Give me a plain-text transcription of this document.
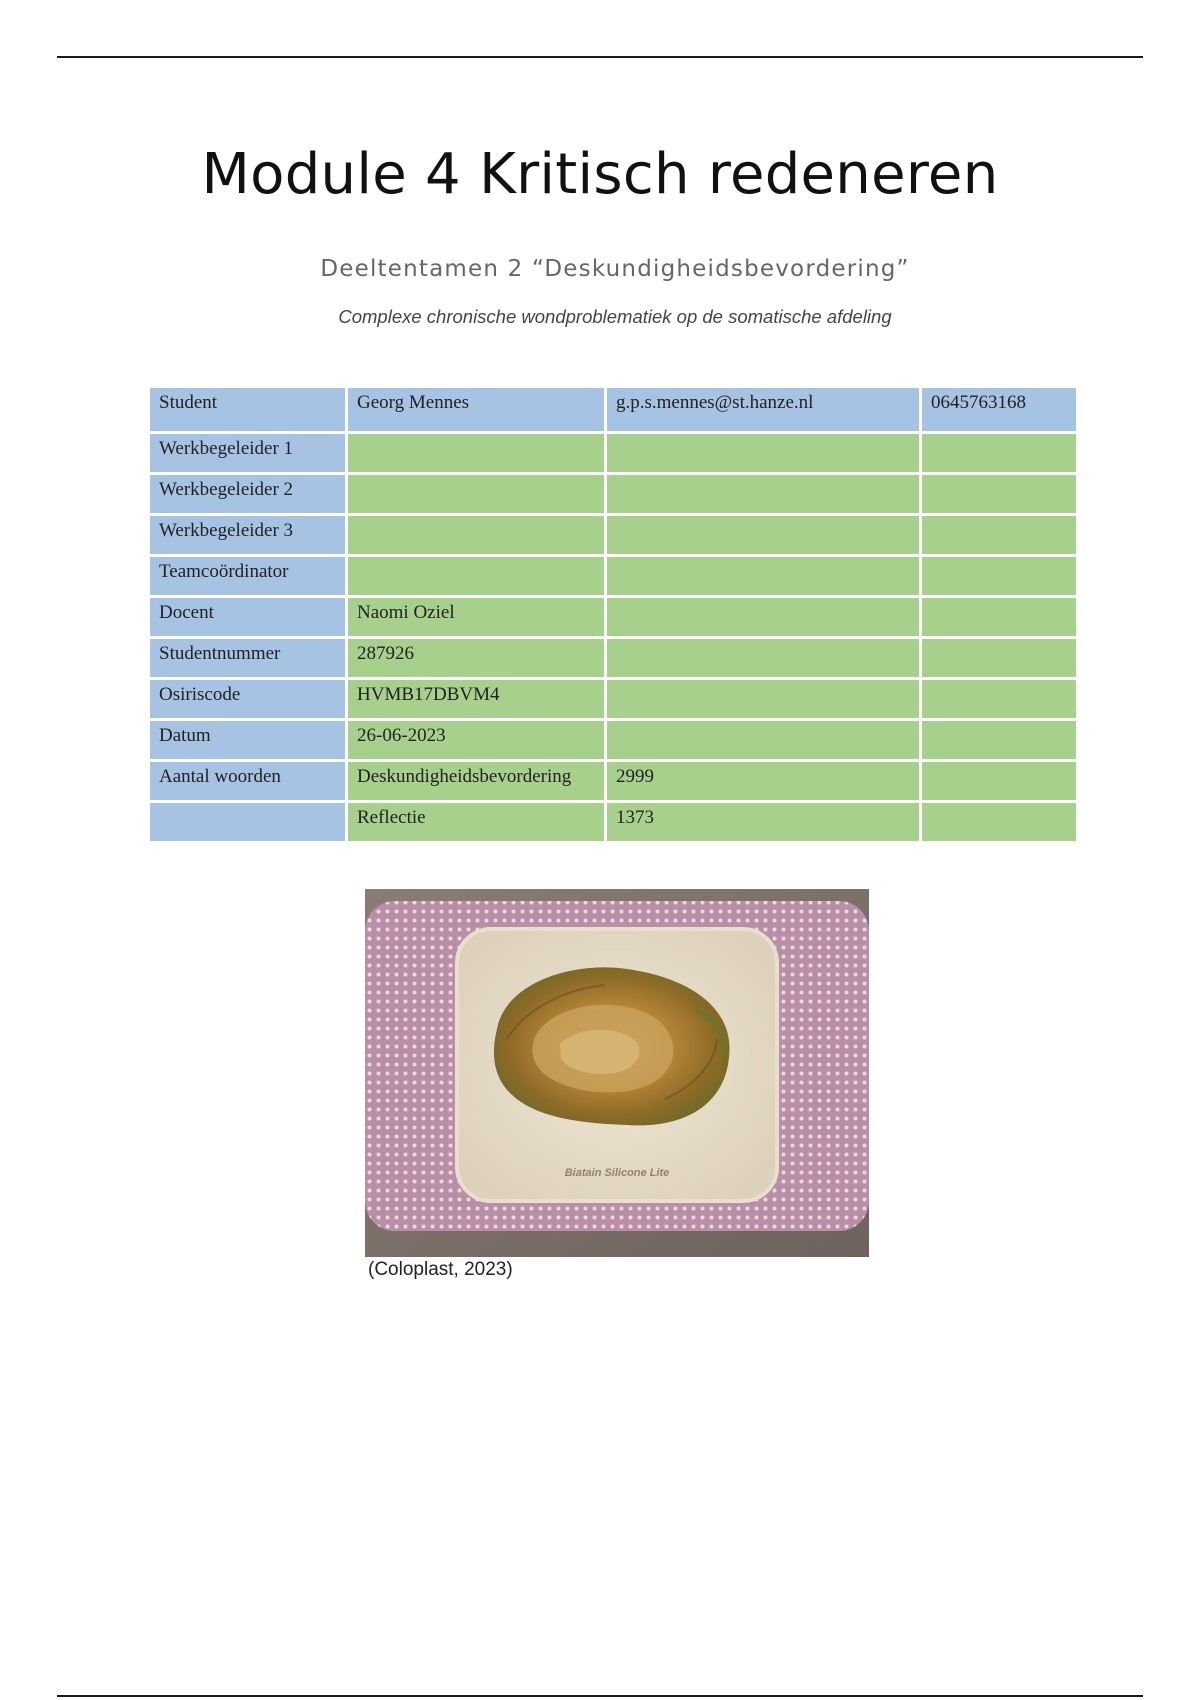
Module 4 Kritisch redeneren
Deeltentamen 2 “Deskundigheidsbevordering”
Complexe chronische wondproblematiek op de somatische afdeling
Student	Georg Mennes	g.p.s.mennes@st.hanze.nl	0645763168
Werkbegeleider 1			
Werkbegeleider 2			
Werkbegeleider 3			
Teamcoördinator			
Docent	Naomi Oziel		
Studentnummer	287926		
Osiriscode	HVMB17DBVM4		
Datum	26-06-2023		
Aantal woorden	Deskundigheidsbevordering	2999	
	Reflectie	1373	
Biatain Silicone Lite
(Coloplast, 2023)
